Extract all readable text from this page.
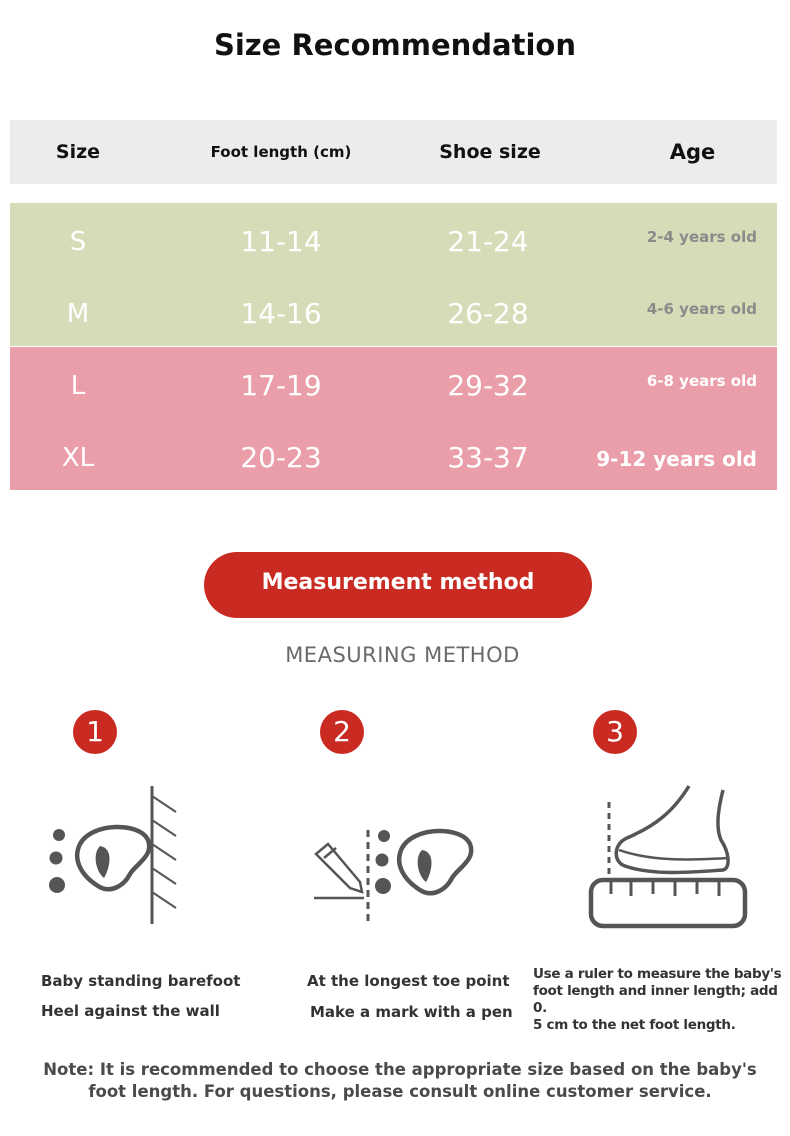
Size Recommendation
Size	Foot length (cm)	Shoe size	Age
S	11-14	21-24	2-4 years old
M	14-16	26-28	4-6 years old
L	17-19	29-32	6-8 years old
XL	20-23	33-37	9-12 years old
Measurement method
MEASURING METHOD
1	2	3
Baby standing barefoot
Heel against the wall
At the longest toe point
Make a mark with a pen
Use a ruler to measure the baby's
foot length and inner length; add 0.
5 cm to the net foot length.
Note: It is recommended to choose the appropriate size based on the baby's
foot length. For questions, please consult online customer service.
